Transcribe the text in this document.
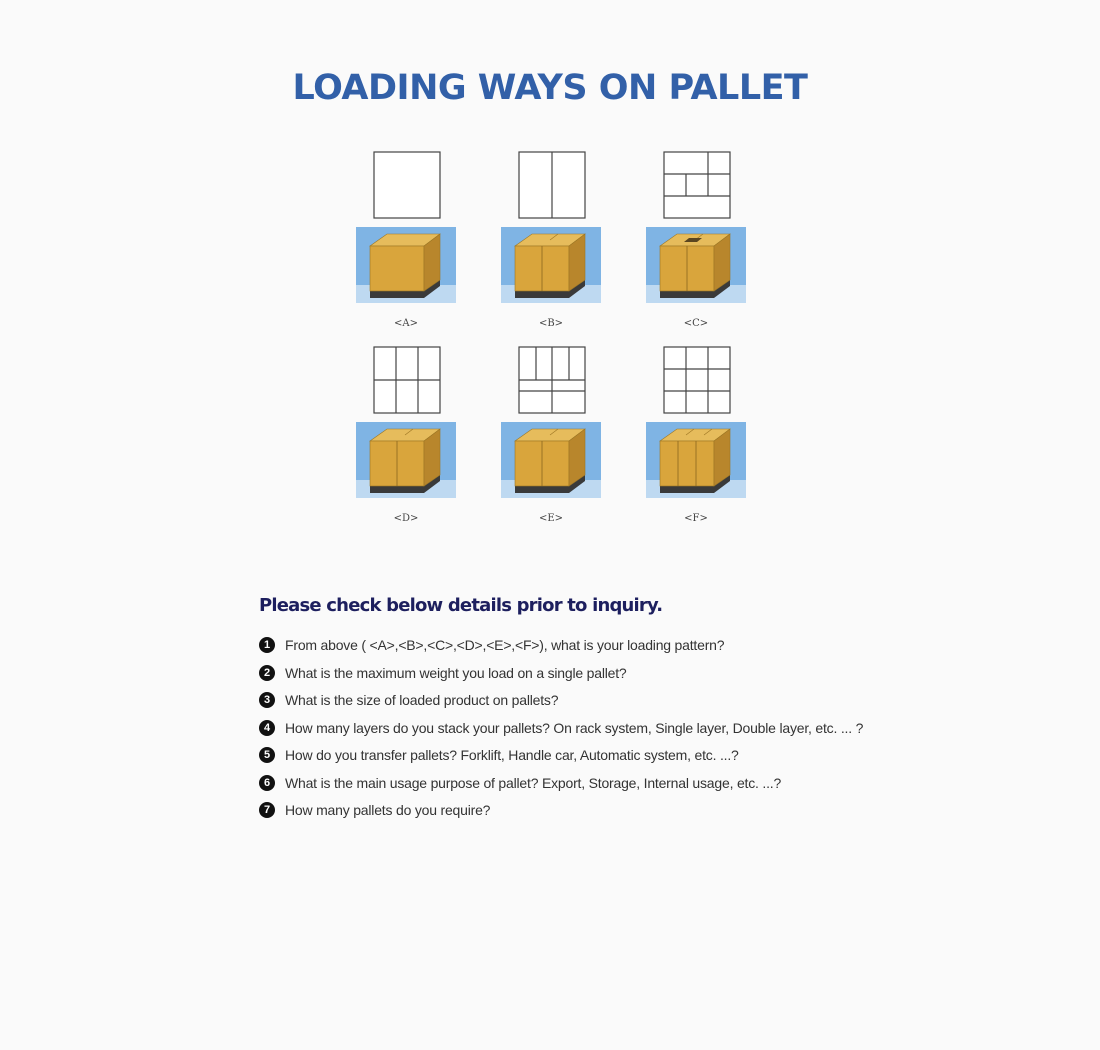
LOADING WAYS ON PALLET
<A>	<B>	<C>
<D>	<E>	<F>
Please check below details prior to inquiry.
1	From above ( <A>,<B>,<C>,<D>,<E>,<F>), what is your loading pattern?
2	What is the maximum weight you load on a single pallet?
3	What is the size of loaded product on pallets?
4	How many layers do you stack your pallets? On rack system, Single layer, Double layer, etc. ... ?
5	How do you transfer pallets? Forklift, Handle car, Automatic system, etc. ...?
6	What is the main usage purpose of pallet? Export, Storage, Internal usage, etc. ...?
7	How many pallets do you require?
